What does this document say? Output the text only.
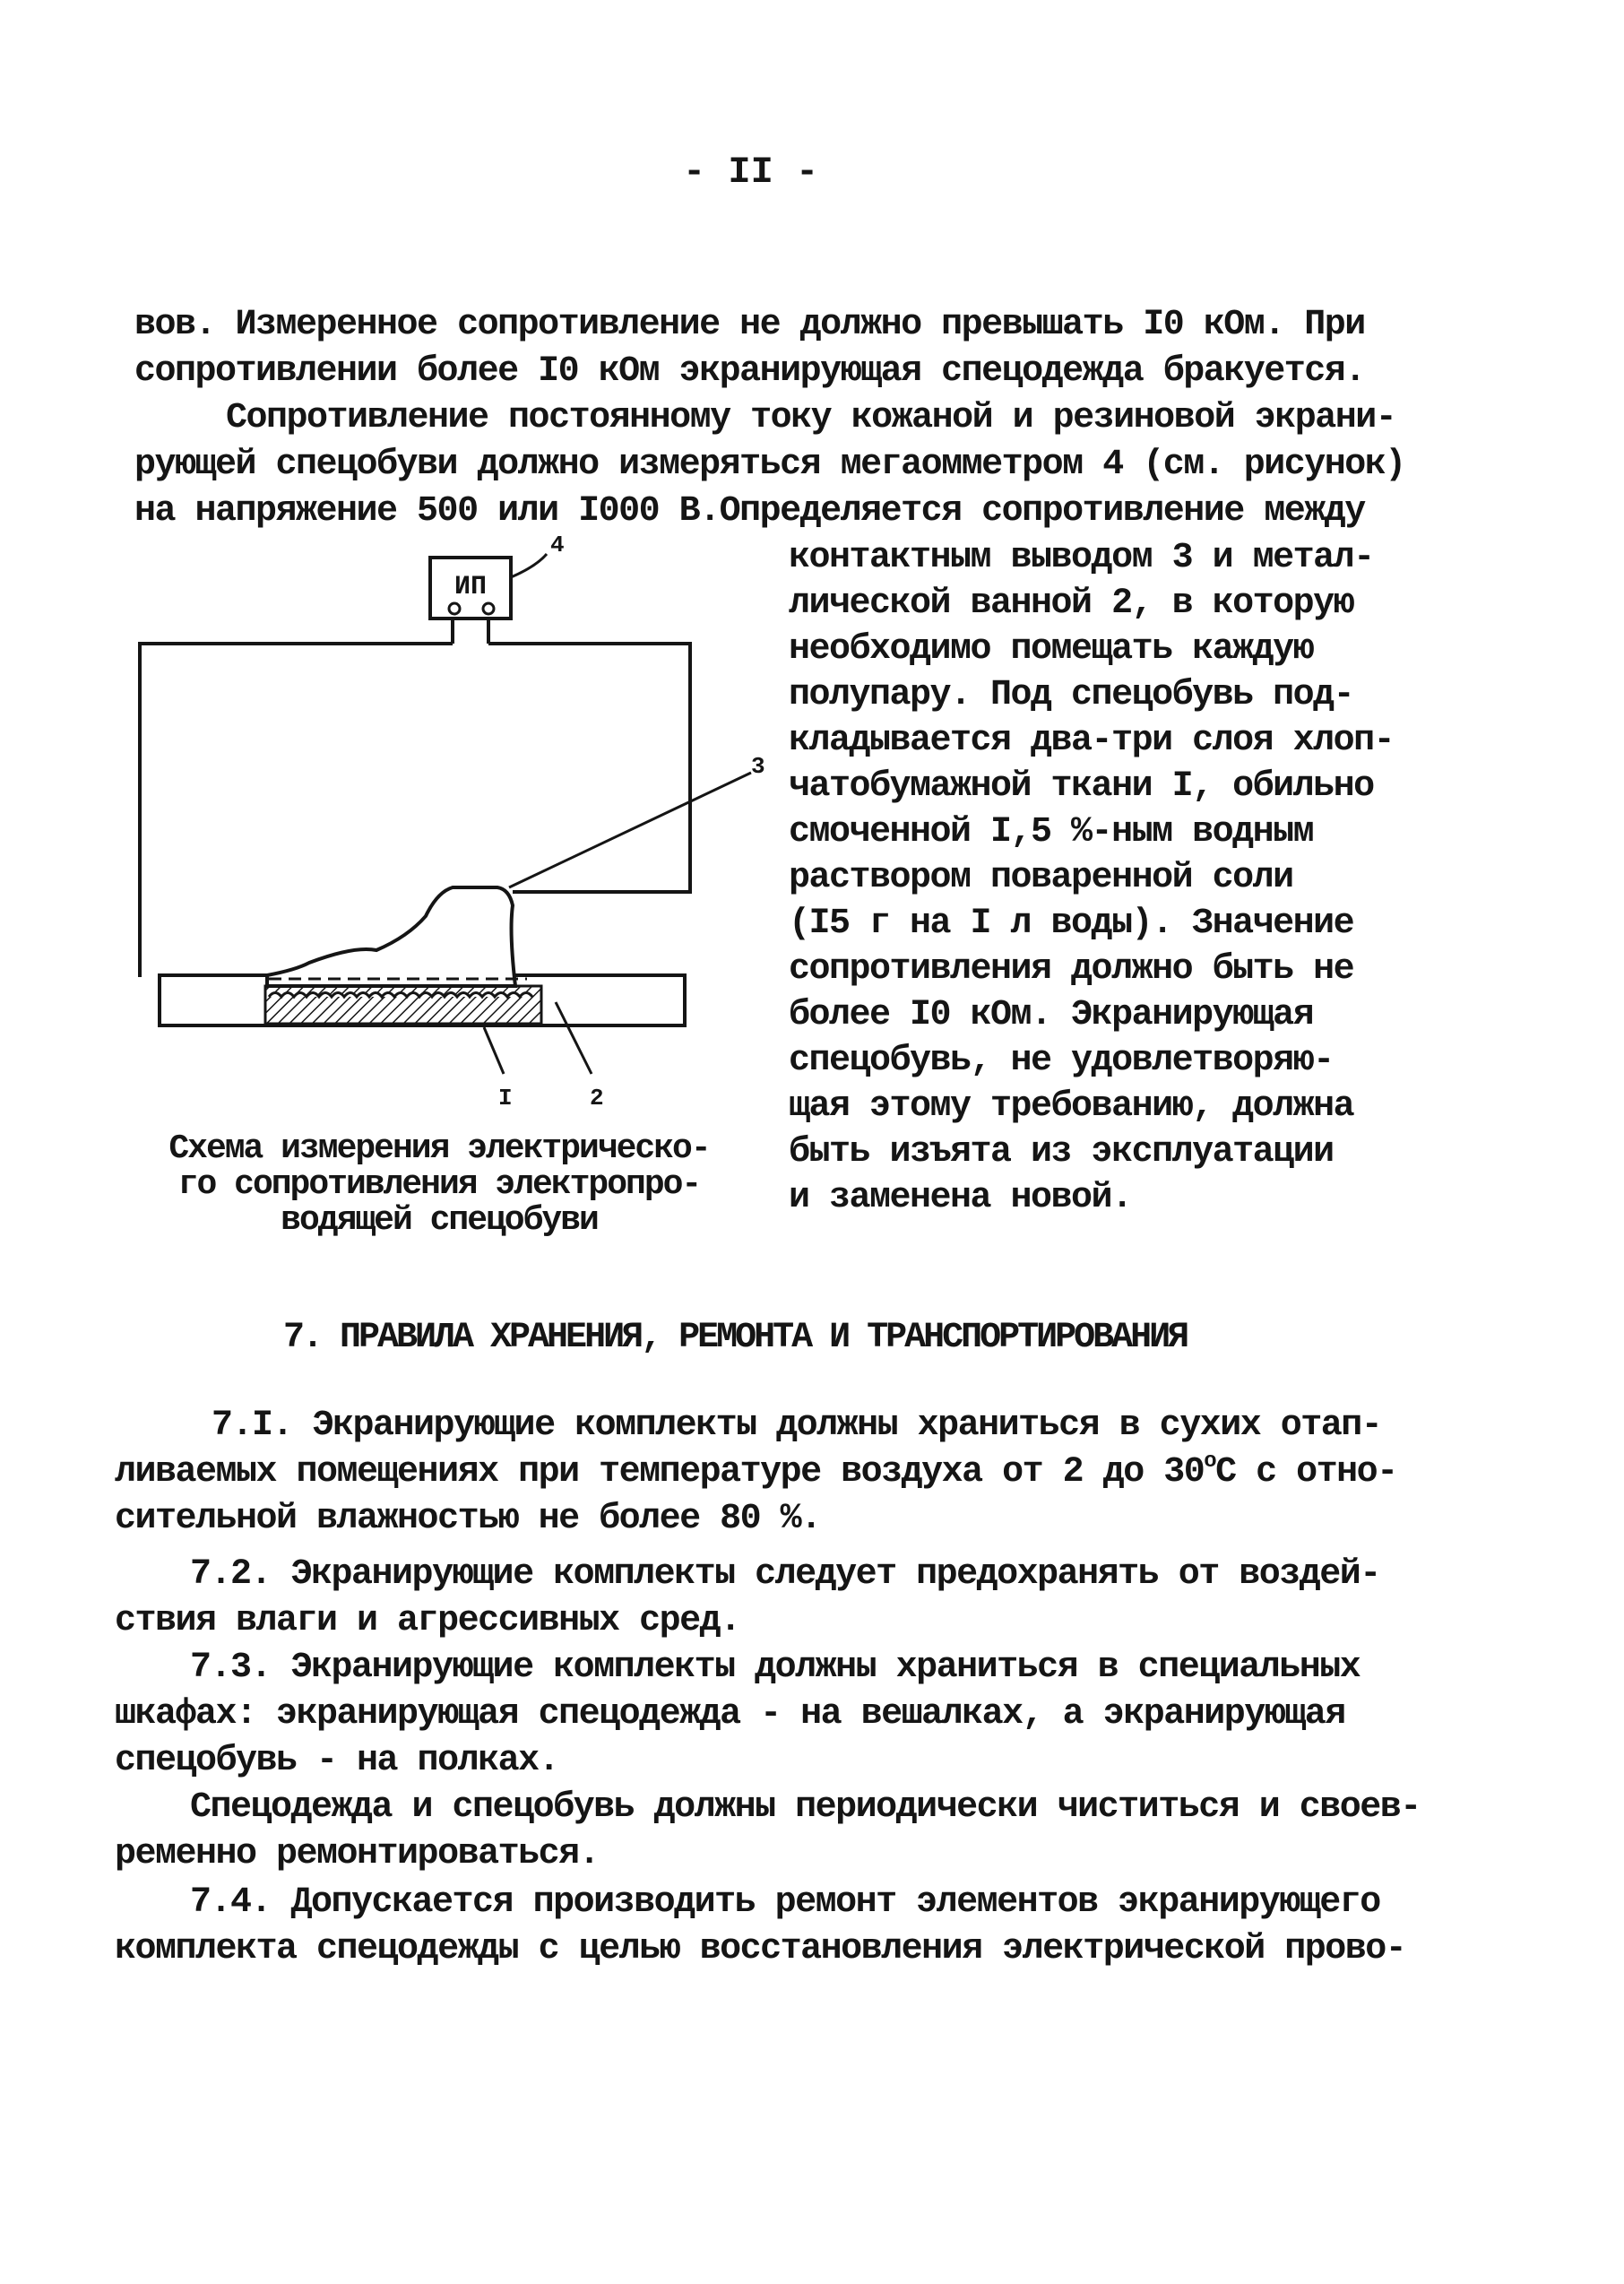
- II -
вов. Измеренное сопротивление не должно превышать I0 кОм. При
сопротивлении более I0 кОм экранирующая спецодежда бракуется.
Сопротивление постоянному току кожаной и резиновой экрани-
рующей спецобуви должно измеряться мегаомметром 4 (см. рисунок)
на напряжение 500 или I000 В.Определяется сопротивление между
ИП
4
3
I	2
Схема измерения электрическо-
го сопротивления электропро-
водящей спецобуви
контактным выводом 3 и метал-
лической ванной 2, в которую
необходимо помещать каждую
полупару. Под спецобувь под-
кладывается два-три слоя хлоп-
чатобумажной ткани I, обильно
смоченной I,5 %-ным водным
раствором поваренной соли
(I5 г на I л воды). Значение
сопротивления должно быть не
более I0 кОм. Экранирующая
спецобувь, не удовлетворяю-
щая этому требованию, должна
быть изъята из эксплуатации
и заменена новой.
7. ПРАВИЛА ХРАНЕНИЯ, РЕМОНТА И ТРАНСПОРТИРОВАНИЯ
7.I. Экранирующие комплекты должны храниться в сухих отап-
ливаемых помещениях при температуре воздуха от 2 до $30^оС$ с отно-
сительной влажностью не более 80 %.
7.2. Экранирующие комплекты следует предохранять от воздей-
ствия влаги и агрессивных сред.
7.3. Экранирующие комплекты должны храниться в специальных
шкафах: экранирующая спецодежда - на вешалках, а экранирующая
спецобувь - на полках.
Спецодежда и спецобувь должны периодически чиститься и своев-
ременно ремонтироваться.
7.4. Допускается производить ремонт элементов экранирующего
комплекта спецодежды с целью восстановления электрической прово-
